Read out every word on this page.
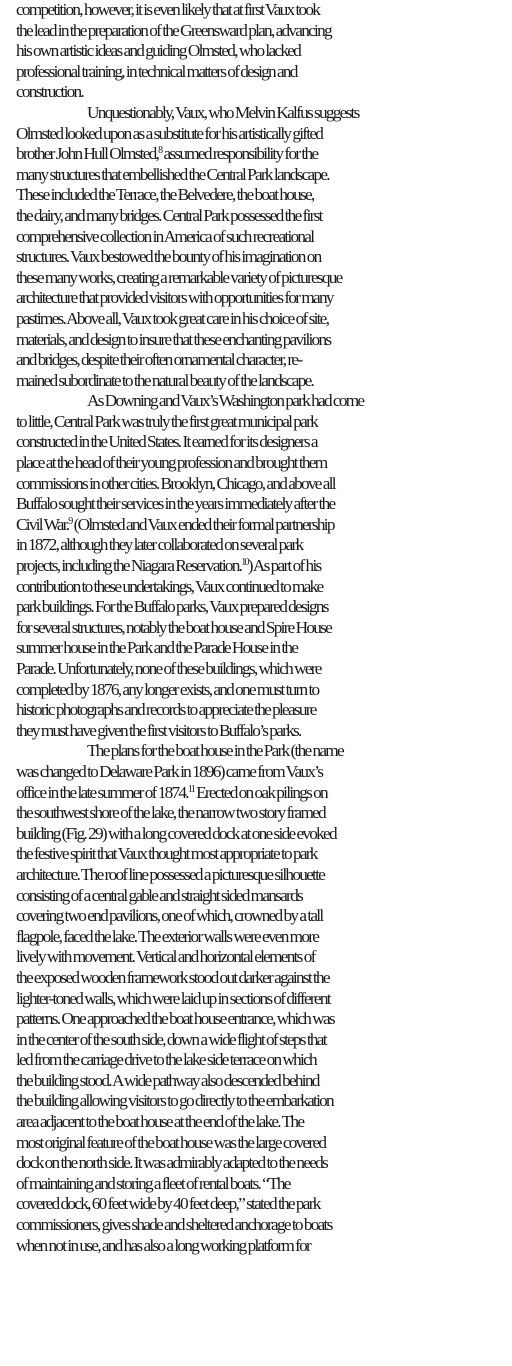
competition, however, it is even likely that at first Vaux took
the lead in the preparation of the Greensward plan, advancing
his own artistic ideas and guiding Olmsted, who lacked
professional training, in technical matters of design and
construction.
Unquestionably, Vaux, who Melvin Kalfus suggests
Olmsted looked upon as a substitute for his artistically gifted
brother John Hull Olmsted,$^8$ assumed responsibility for the
many structures that embellished the Central Park landscape.
These included the Terrace, the Belvedere, the boat house,
the dairy, and many bridges. Central Park possessed the first
comprehensive collection in America of such recreational
structures. Vaux bestowed the bounty of his imagination on
these many works, creating a remarkable variety of picturesque
architecture that provided visitors with opportunities for many
pastimes. Above all, Vaux took great care in his choice of site,
materials, and design to insure that these enchanting pavilions
and bridges, despite their often ornamental character, re-
mained subordinate to the natural beauty of the landscape.
As Downing and Vaux’s Washington park had come
to little, Central Park was truly the first great municipal park
constructed in the United States. It earned for its designers a
place at the head of their young profession and brought them
commissions in other cities. Brooklyn, Chicago, and above all
Buffalo sought their services in the years immediately after the
Civil War.$^9$ (Olmsted and Vaux ended their formal partnership
in 1872, although they later collaborated on several park
projects, including the Niagara Reservation.$^{10}$) As part of his
contribution to these undertakings, Vaux continued to make
park buildings. For the Buffalo parks, Vaux prepared designs
for several structures, notably the boat house and Spire House
summer house in the Park and the Parade House in the
Parade. Unfortunately, none of these buildings, which were
completed by 1876, any longer exists, and one must turn to
historic photographs and records to appreciate the pleasure
they must have given the first visitors to Buffalo’s parks.
The plans for the boat house in the Park (the name
was changed to Delaware Park in 1896) came from Vaux’s
office in the late summer of 1874.11 Erected on oak pilings on
the southwest shore of the lake, the narrow two story framed
building (Fig. 29) with a long covered dock at one side evoked
the festive spirit that Vaux thought most appropriate to park
architecture. The roof line possessed a picturesque silhouette
consisting of a central gable and straight sided mansards
covering two end pavilions, one of which, crowned by a tall
flagpole, faced the lake. The exterior walls were even more
lively with movement. Vertical and horizontal elements of
the exposed wooden framework stood out darker against the
lighter-toned walls, which were laid up in sections of different
patterns. One approached the boat house entrance, which was
in the center of the south side, down a wide flight of steps that
led from the carriage drive to the lake side terrace on which
the building stood. A wide pathway also descended behind
the building allowing visitors to go directly to the embarkation
area adjacent to the boat house at the end of the lake. The
most original feature of the boat house was the large covered
dock on the north side. It was admirably adapted to the needs
of maintaining and storing a fleet of rental boats. “The
covered dock, 60 feet wide by 40 feet deep,” stated the park
commissioners, gives shade and sheltered anchorage to boats
when not in use, and has also a long working platform for
